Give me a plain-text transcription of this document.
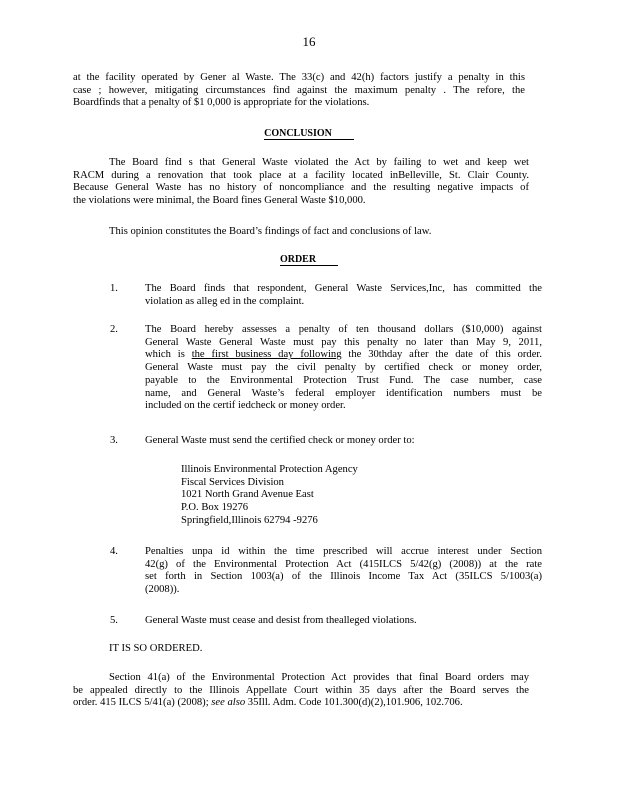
16

at the facility operated by Gener al Waste. The 33(c) and 42(h) factors justify a penalty in this

case ; however, mitigating circumstances find against the maximum penalty . The refore, the

Boardfinds that a penalty of $1 0,000 is appropriate for the violations.

CONCLUSION

The Board find s that General Waste violated the Act by failing to wet and keep wet

RACM during a renovation that took place at a facility located inBelleville, St. Clair County.

Because General Waste has no history of noncompliance and the resulting negative impacts of

the violations were minimal, the Board fines General Waste $10,000.

This opinion constitutes the Board’s findings of fact and conclusions of law.

ORDER
1.	The Board finds that respondent, General Waste Services,Inc, has committed the

violation as alleg ed in the complaint.

2.	The Board hereby assesses a penalty of ten thousand dollars ($10,000) against

General Waste General Waste must pay this penalty no later than May 9, 2011,

which is the first business day following the 30thday after the date of this order.

General Waste must pay the civil penalty by certified check or money order,

payable to the Environmental Protection Trust Fund. The case number, case

name, and General Waste’s federal employer identification numbers must be

included on the certif iedcheck or money order.

3.	General Waste must send the certified check or money order to:

Illinois Environmental Protection Agency

Fiscal Services Division

1021 North Grand Avenue East

P.O. Box 19276

Springfield,Illinois 62794 -9276

4.	Penalties unpa id within the time prescribed will accrue interest under Section

42(g) of the Environmental Protection Act (415ILCS 5/42(g) (2008)) at the rate

set forth in Section 1003(a) of the Illinois Income Tax Act (35ILCS 5/1003(a)

(2008)).

5.	General Waste must cease and desist from thealleged violations.

IT IS SO ORDERED.

Section 41(a) of the Environmental Protection Act provides that final Board orders may

be appealed directly to the Illinois Appellate Court within 35 days after the Board serves the

order. 415 ILCS 5/41(a) (2008); see also 35Ill. Adm. Code 101.300(d)(2),101.906, 102.706.
